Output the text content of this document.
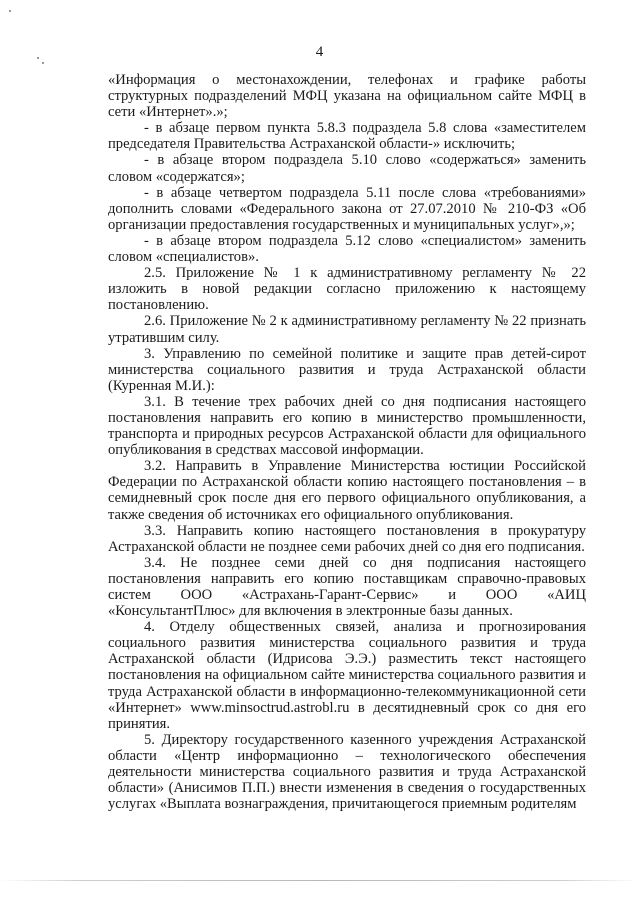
4

«Информация о местонахождении, телефонах и графике работы структурных подразделений МФЦ указана на официальном сайте МФЦ в сети «Интернет».»;

- в абзаце первом пункта 5.8.3 подраздела 5.8 слова «заместителем председателя Правительства Астраханской области-» исключить;

- в абзаце втором подраздела 5.10 слово «содержаться» заменить словом «содержатся»;

- в абзаце четвертом подраздела 5.11 после слова «требованиями» дополнить словами «Федерального закона от 27.07.2010 № 210-ФЗ «Об организации предоставления государственных и муниципальных услуг»,»;

- в абзаце втором подраздела 5.12 слово «специалистом» заменить словом «специалистов».

2.5. Приложение № 1 к административному регламенту № 22 изложить в новой редакции согласно приложению к настоящему постановлению.

2.6. Приложение № 2 к административному регламенту № 22 признать утратившим силу.

3. Управлению по семейной политике и защите прав детей-сирот министерства социального развития и труда Астраханской области (Куренная М.И.):

3.1. В течение трех рабочих дней со дня подписания настоящего постановления направить его копию в министерство промышленности, транспорта и природных ресурсов Астраханской области для официального опубликования в средствах массовой информации.

3.2. Направить в Управление Министерства юстиции Российской Федерации по Астраханской области копию настоящего постановления – в семидневный срок после дня его первого официального опубликования, а также сведения об источниках его официального опубликования.

3.3. Направить копию настоящего постановления в прокуратуру Астраханской области не позднее семи рабочих дней со дня его подписания.

3.4. Не позднее семи дней со дня подписания настоящего постановления направить его копию поставщикам справочно-правовых систем ООО «Астрахань-Гарант-Сервис» и ООО «АИЦ «КонсультантПлюс» для включения в электронные базы данных.

4. Отделу общественных связей, анализа и прогнозирования социального развития министерства социального развития и труда Астраханской области (Идрисова Э.Э.) разместить текст настоящего постановления на официальном сайте министерства социального развития и труда Астраханской области в информационно-телекоммуникационной сети «Интернет» www.minsoctrud.astrobl.ru в десятидневный срок со дня его принятия.

5. Директору государственного казенного учреждения Астраханской области «Центр информационно – технологического обеспечения деятельности министерства социального развития и труда Астраханской области» (Анисимов П.П.) внести изменения в сведения о государственных услугах «Выплата вознаграждения, причитающегося приемным родителям
